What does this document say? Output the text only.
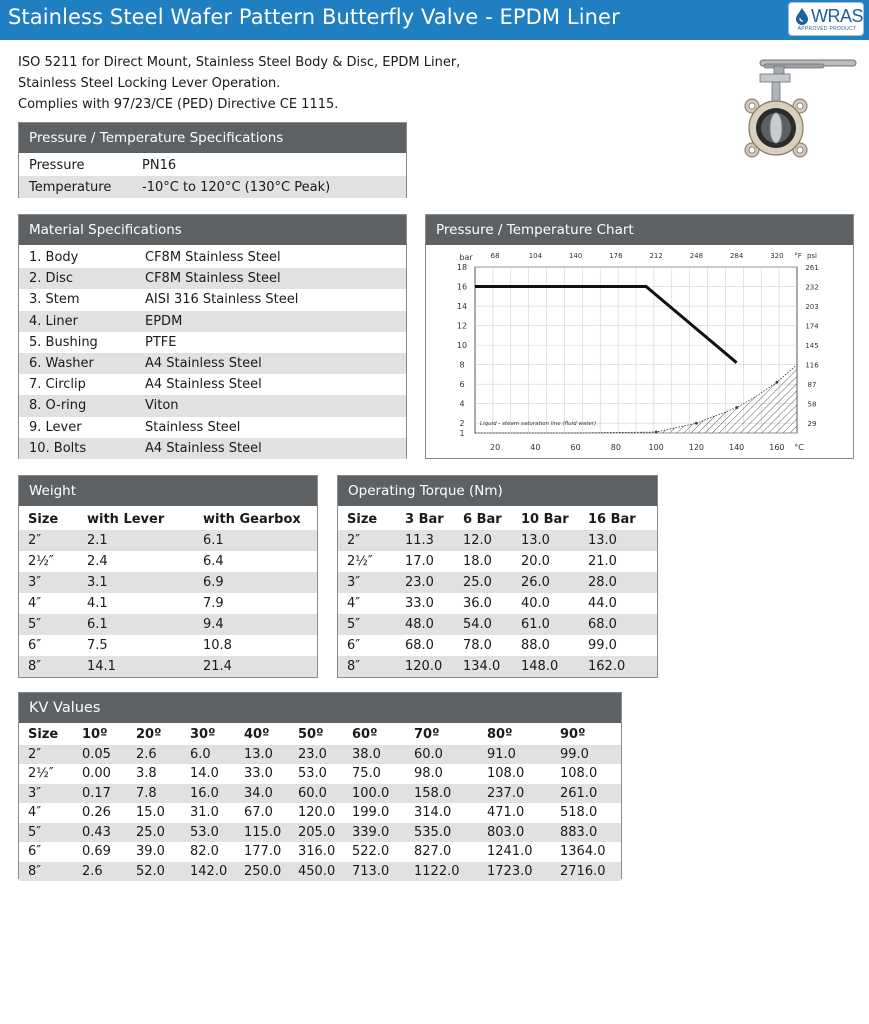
Stainless Steel Wafer Pattern Butterfly Valve - EPDM Liner	WRAS
APPROVED PRODUCT
ISO 5211 for Direct Mount, Stainless Steel Body & Disc, EPDM Liner,
Stainless Steel Locking Lever Operation.
Complies with 97/23/CE (PED) Directive CE 1115.
Pressure / Temperature Specifications
Pressure	PN16
Temperature	-10°C to 120°C (130°C Peak)
Material Specifications
1. Body	CF8M Stainless Steel
2. Disc	CF8M Stainless Steel
3. Stem	AISI 316 Stainless Steel
4. Liner	EPDM
5. Bushing	PTFE
6. Washer	A4 Stainless Steel
7. Circlip	A4 Stainless Steel
8. O-ring	Viton
9. Lever	Stainless Steel
10. Bolts	A4 Stainless Steel
Pressure / Temperature Chart
1
2
4
6
8
10
12
14
16
18
bar
29
58
87
116
145
174
203
232
261
psi
°F
68	104	140	176	212	248	284	320
20	40	60	80	100	120	140	160 °C
Liquid - steam saturation line (fluid water)
Weight
Size	with Lever	with Gearbox
2″	2.1	6.1
2½″	2.4	6.4
3″	3.1	6.9
4″	4.1	7.9
5″	6.1	9.4
6″	7.5	10.8
8″	14.1	21.4
Operating Torque (Nm)
Size	3 Bar	6 Bar	10 Bar	16 Bar
2″	11.3	12.0	13.0	13.0
2½″	17.0	18.0	20.0	21.0
3″	23.0	25.0	26.0	28.0
4″	33.0	36.0	40.0	44.0
5″	48.0	54.0	61.0	68.0
6″	68.0	78.0	88.0	99.0
8″	120.0	134.0	148.0	162.0
KV Values
Size	10º	20º	30º	40º	50º	60º	70º	80º	90º
2″	0.05	2.6	6.0	13.0	23.0	38.0	60.0	91.0	99.0
2½″	0.00	3.8	14.0	33.0	53.0	75.0	98.0	108.0	108.0
3″	0.17	7.8	16.0	34.0	60.0	100.0	158.0	237.0	261.0
4″	0.26	15.0	31.0	67.0	120.0	199.0	314.0	471.0	518.0
5″	0.43	25.0	53.0	115.0	205.0	339.0	535.0	803.0	883.0
6″	0.69	39.0	82.0	177.0	316.0	522.0	827.0	1241.0	1364.0
8″	2.6	52.0	142.0	250.0	450.0	713.0	1122.0	1723.0	2716.0
